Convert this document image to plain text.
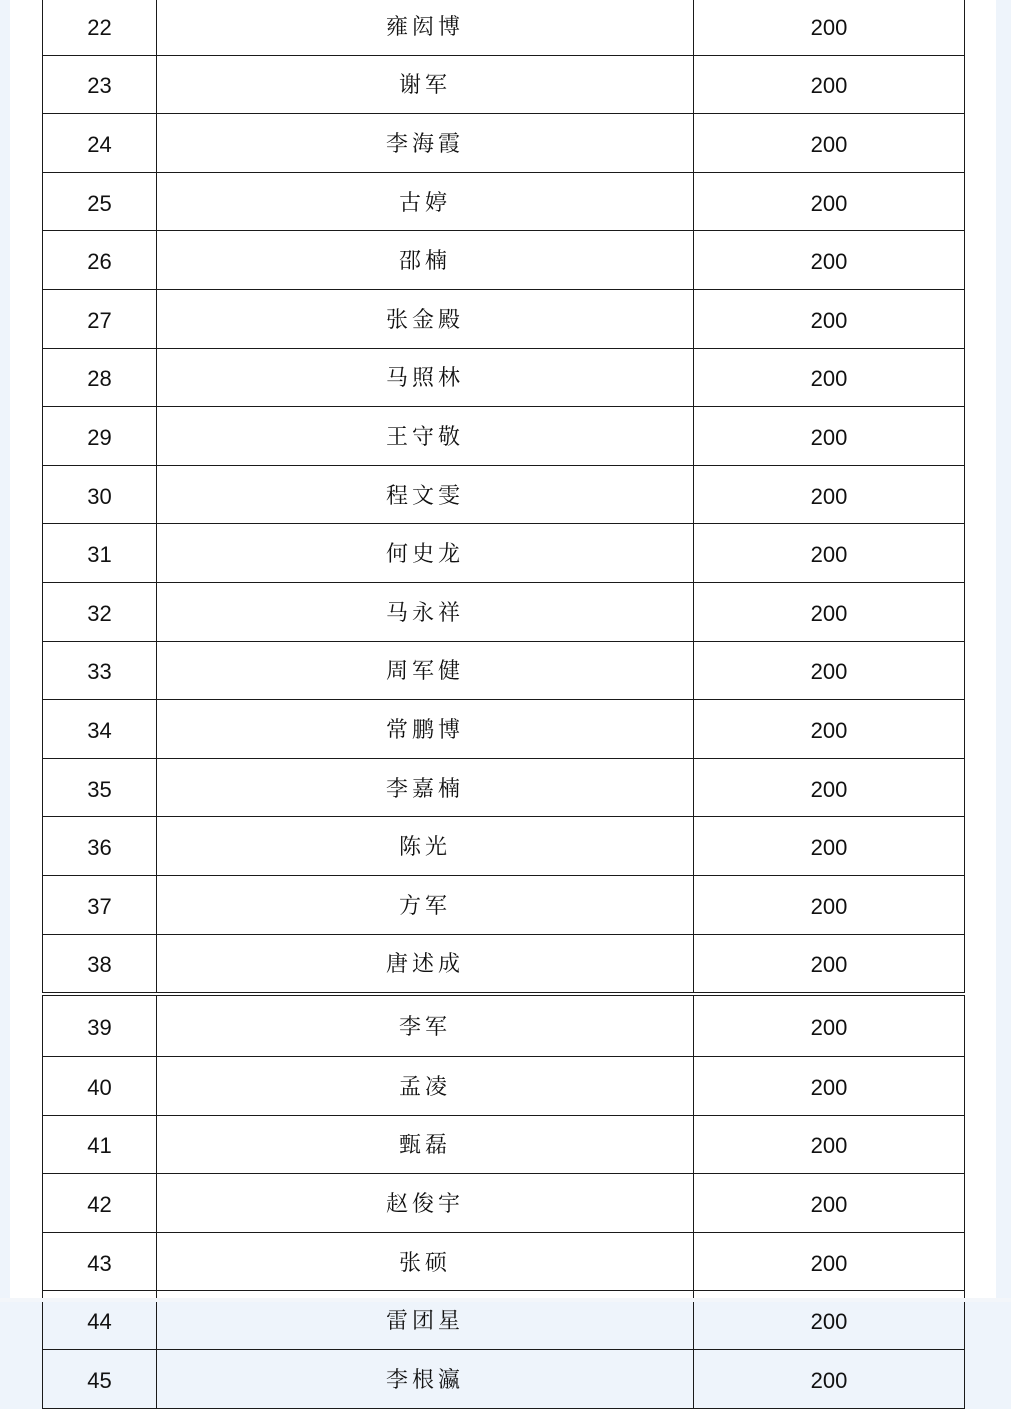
22	雍闳博	200
23	谢军	200
24	李海霞	200
25	古婷	200
26	邵楠	200
27	张金殿	200
28	马照林	200
29	王守敬	200
30	程文雯	200
31	何史龙	200
32	马永祥	200
33	周军健	200
34	常鹏博	200
35	李嘉楠	200
36	陈光	200
37	方军	200
38	唐述成	200
39	李军	200
40	孟凌	200
41	甄磊	200
42	赵俊宇	200
43	张硕	200
44	雷团星	200
45	李根瀛	200
